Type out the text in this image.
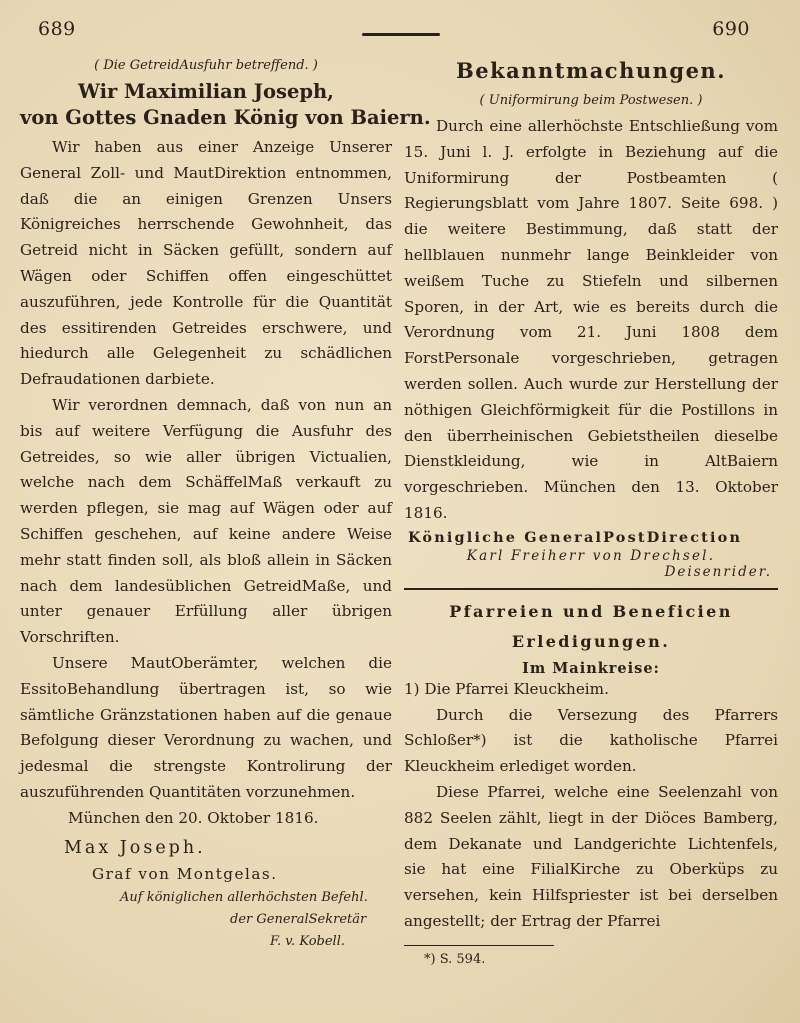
689	690

( Die GetreidAusfuhr betreffend. )

Wir Maximilian Joseph,

von Gottes Gnaden König von Baiern.

Wir haben aus einer Anzeige Unserer General Zoll- und MautDirektion entnommen, daß die an einigen Grenzen Unsers Königreiches herrschende Gewohnheit, das Getreid nicht in Säcken gefüllt, sondern auf Wägen oder Schiffen offen eingeschüttet auszuführen, jede Kontrolle für die Quantität des essitirenden Getreides erschwere, und hiedurch alle Gelegenheit zu schädlichen Defraudationen darbiete.

Wir verordnen demnach, daß von nun an bis auf weitere Verfügung die Ausfuhr des Getreides, so wie aller übrigen Victualien, welche nach dem SchäffelMaß verkauft zu werden pflegen, sie mag auf Wägen oder auf Schiffen geschehen, auf keine andere Weise mehr statt finden soll, als bloß allein in Säcken nach dem landesüblichen GetreidMaße, und unter genauer Erfüllung aller übrigen Vorschriften.

Unsere MautOberämter, welchen die EssitoBehandlung übertragen ist, so wie sämtliche Gränzstationen haben auf die genaue Befolgung dieser Verordnung zu wachen, und jedesmal die strengste Kontrolirung der auszuführenden Quantitäten vorzunehmen.

München den 20. Oktober 1816.

Max Joseph.

Graf von Montgelas.

Auf königlichen allerhöchsten Befehl.

der GeneralSekretär

F. v. Kobell.

Bekanntmachungen.

( Uniformirung beim Postwesen. )

Durch eine allerhöchste Entschließung vom 15. Juni l. J. erfolgte in Beziehung auf die Uniformirung der Postbeamten ( Regierungsblatt vom Jahre 1807. Seite 698. ) die weitere Bestimmung, daß statt der hellblauen nunmehr lange Beinkleider von weißem Tuche zu Stiefeln und silbernen Sporen, in der Art, wie es bereits durch die Verordnung vom 21. Juni 1808 dem ForstPersonale vorgeschrieben, getragen werden sollen. Auch wurde zur Herstellung der nöthigen Gleichförmigkeit für die Postillons in den überrheinischen Gebietstheilen dieselbe Dienstkleidung, wie in AltBaiern vorgeschrieben. München den 13. Oktober 1816.

Königliche GeneralPostDirection

Karl Freiherr von Drechsel.

Deisenrider.

Pfarreien und Beneficien

Erledigungen.

Im Mainkreise:

1) Die Pfarrei Kleuckheim.

Durch die Versezung des Pfarrers Schloßer*) ist die katholische Pfarrei Kleuckheim erlediget worden.

Diese Pfarrei, welche eine Seelenzahl von 882 Seelen zählt, liegt in der Diöces Bamberg, dem Dekanate und Landgerichte Lichtenfels, sie hat eine FilialKirche zu Oberküps zu versehen, kein Hilfspriester ist bei derselben angestellt; der Ertrag der Pfarrei

*) S. 594.
